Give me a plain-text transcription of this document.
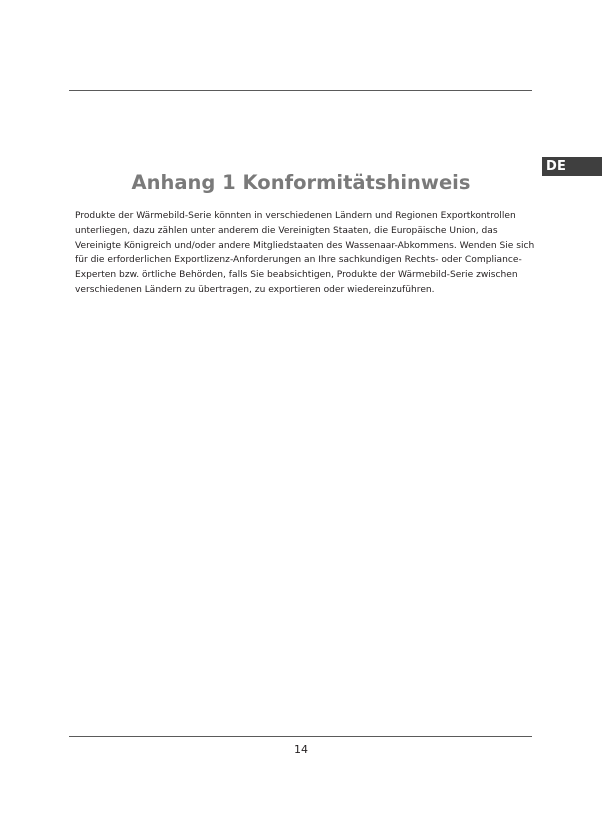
DE
Anhang 1 Konformitätshinweis

Produkte der Wärmebild-Serie könnten in verschiedenen Ländern und Regionen Exportkontrollen unterliegen, dazu zählen unter anderem die Vereinigten Staaten, die Europäische Union, das Vereinigte Königreich und/oder andere Mitgliedstaaten des Wassenaar-Abkommens. Wenden Sie sich für die erforderlichen Exportlizenz-Anforderungen an Ihre sachkundigen Rechts- oder Compliance-Experten bzw. örtliche Behörden, falls Sie beabsichtigen, Produkte der Wärmebild-Serie zwischen verschiedenen Ländern zu übertragen, zu exportieren oder wiedereinzuführen.

14
